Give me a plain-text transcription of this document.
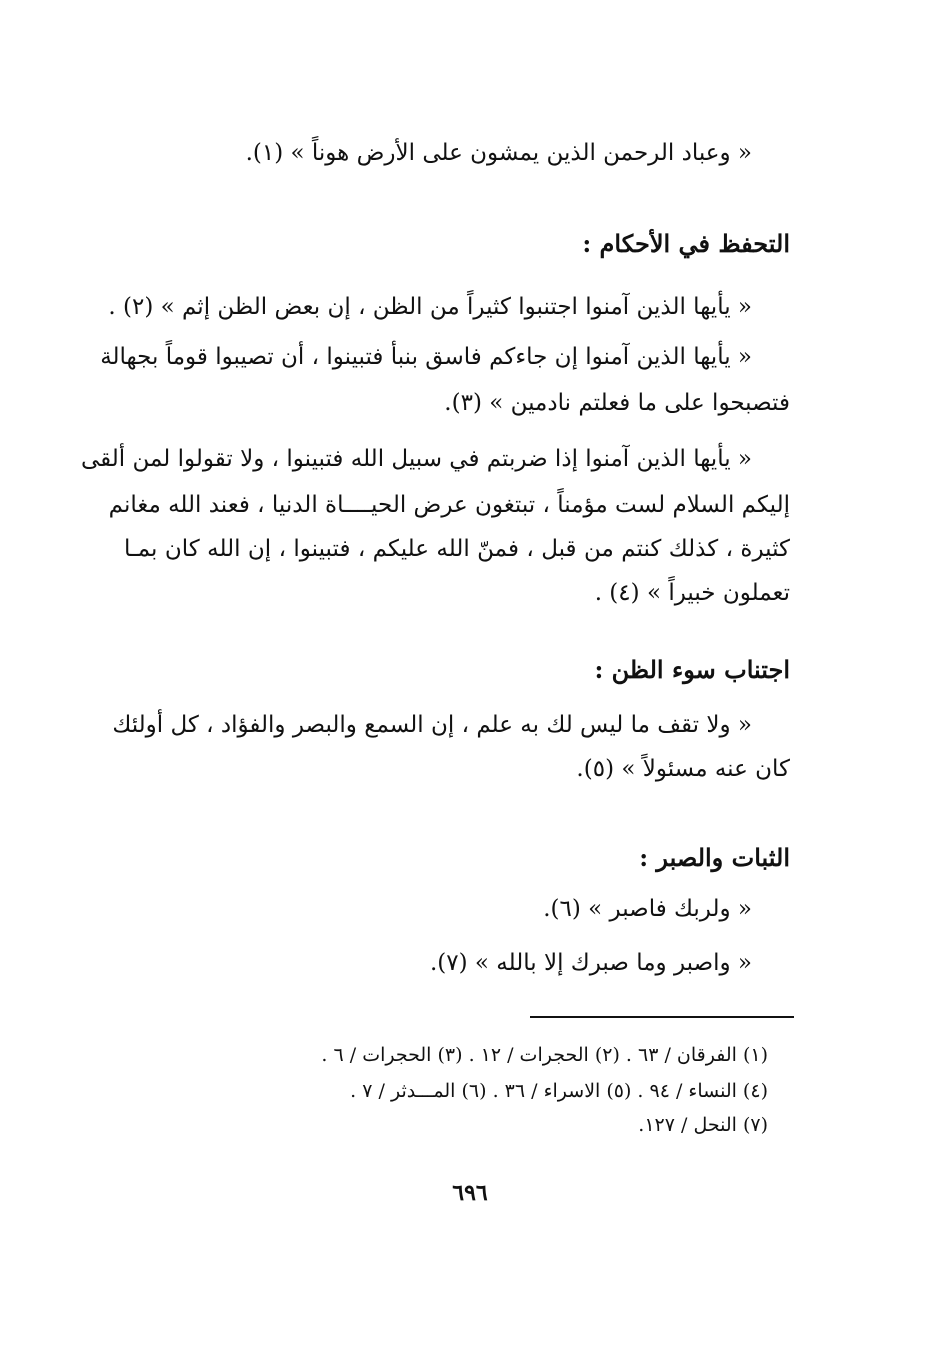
« وعباد الرحمن الذين يمشون على الأرض هوناً » (١).
التحفظ في الأحكام :
« يأيها الذين آمنوا اجتنبوا كثيراً من الظن ، إن بعض الظن إثم » (٢) .
« يأيها الذين آمنوا إن جاءكم فاسق بنبأ فتبينوا ، أن تصيبوا قوماً بجهالة
فتصبحوا على ما فعلتم نادمين » (٣).
« يأيها الذين آمنوا إذا ضربتم في سبيل الله فتبينوا ، ولا تقولوا لمن ألقى
إليكم السلام لست مؤمناً ، تبتغون عرض الحيــــاة الدنيا ، فعند الله مغانم
كثيرة ، كذلك كنتم من قبل ، فمنّ الله عليكم ، فتبينوا ، إن الله كان بمـا
تعملون خبيراً » (٤) .
اجتناب سوء الظن :
« ولا تقف ما ليس لك به علم ، إن السمع والبصر والفؤاد ، كل أولئك
كان عنه مسئولاً » (٥).
الثبات والصبر :
« ولربك فاصبر » (٦).
« واصبر وما صبرك إلا بالله » (٧).
(١) الفرقان / ٦٣ . (٢) الحجرات / ١٢ . (٣) الحجرات / ٦ .
(٤) النساء / ٩٤ . (٥) الاسراء / ٣٦ . (٦) المـــدثر / ٧ .
(٧) النحل / ١٢٧.
٦٩٦
